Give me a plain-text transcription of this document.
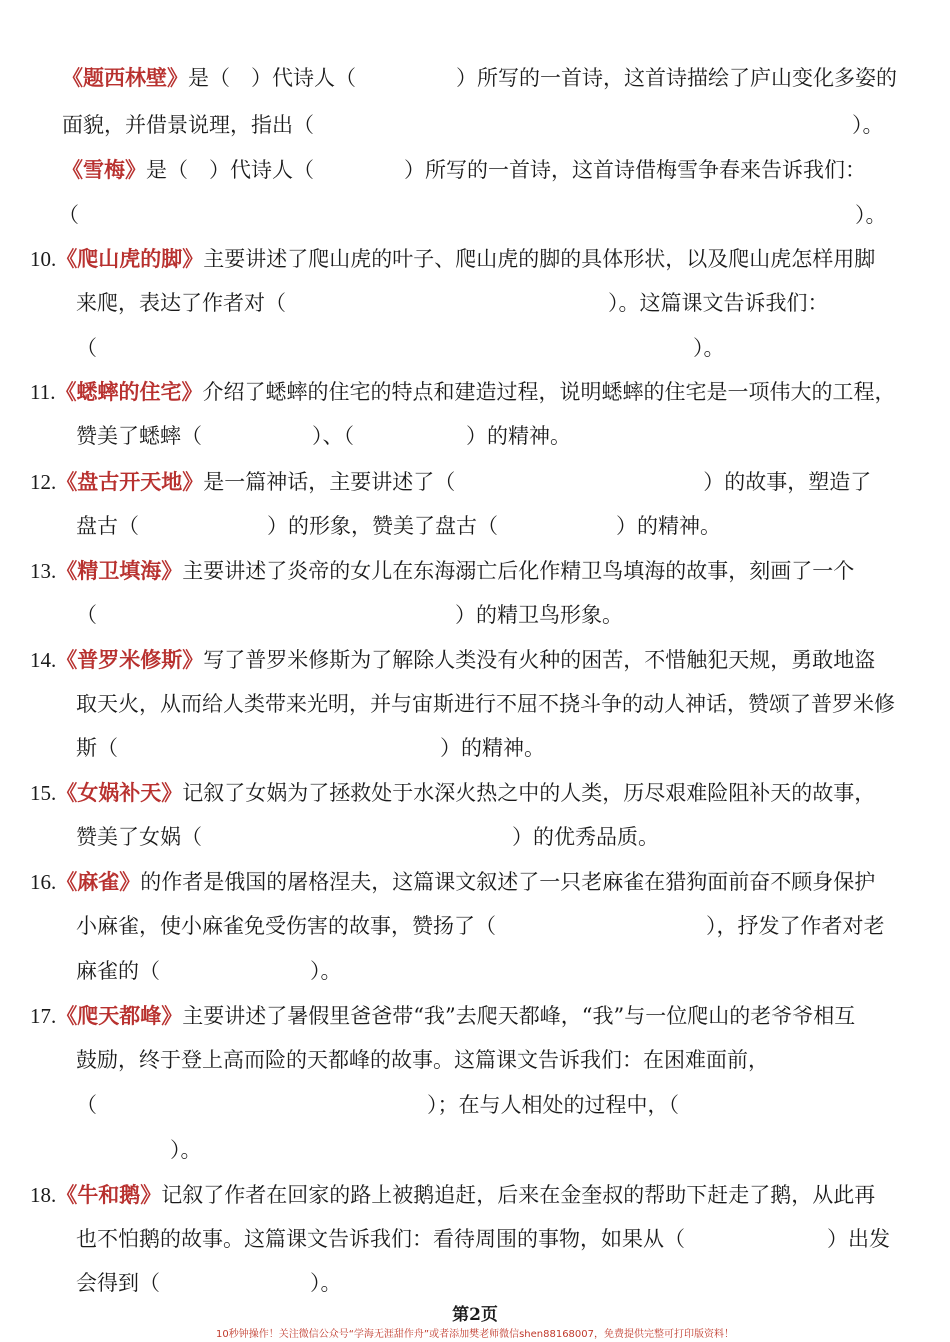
《题西林壁》是（　）代诗人（	）所写的一首诗，这首诗描绘了庐山变化多姿的
面貌，并借景说理，指出（	）。
《雪梅》是（　）代诗人（	）所写的一首诗，这首诗借梅雪争春来告诉我们：
（	）。
10.《爬山虎的脚》主要讲述了爬山虎的叶子、爬山虎的脚的具体形状，以及爬山虎怎样用脚
来爬，表达了作者对（	）。这篇课文告诉我们：
（	）。
11.《蟋蟀的住宅》介绍了蟋蟀的住宅的特点和建造过程，说明蟋蟀的住宅是一项伟大的工程，
赞美了蟋蟀（	）、（	）的精神。
12.《盘古开天地》是一篇神话，主要讲述了（	）的故事，塑造了
盘古（	）的形象，赞美了盘古（	）的精神。
13.《精卫填海》主要讲述了炎帝的女儿在东海溺亡后化作精卫鸟填海的故事，刻画了一个
（	）的精卫鸟形象。
14.《普罗米修斯》写了普罗米修斯为了解除人类没有火种的困苦，不惜触犯天规，勇敢地盗
取天火，从而给人类带来光明，并与宙斯进行不屈不挠斗争的动人神话，赞颂了普罗米修
斯（	）的精神。
15.《女娲补天》记叙了女娲为了拯救处于水深火热之中的人类，历尽艰难险阻补天的故事，
赞美了女娲（	）的优秀品质。
16.《麻雀》的作者是俄国的屠格涅夫，这篇课文叙述了一只老麻雀在猎狗面前奋不顾身保护
小麻雀，使小麻雀免受伤害的故事，赞扬了（	），抒发了作者对老
麻雀的（	）。
17.《爬天都峰》主要讲述了暑假里爸爸带“我”去爬天都峰，“我”与一位爬山的老爷爷相互
鼓励，终于登上高而险的天都峰的故事。这篇课文告诉我们：在困难面前，
（	）；在与人相处的过程中，（
）。
18.《牛和鹅》记叙了作者在回家的路上被鹅追赶，后来在金奎叔的帮助下赶走了鹅，从此再
也不怕鹅的故事。这篇课文告诉我们：看待周围的事物，如果从（	）出发
会得到（	）。
第2页
10秒钟操作！关注微信公众号“学海无涯甜作舟”或者添加樊老师微信shen88168007，免费提供完整可打印版资料！
